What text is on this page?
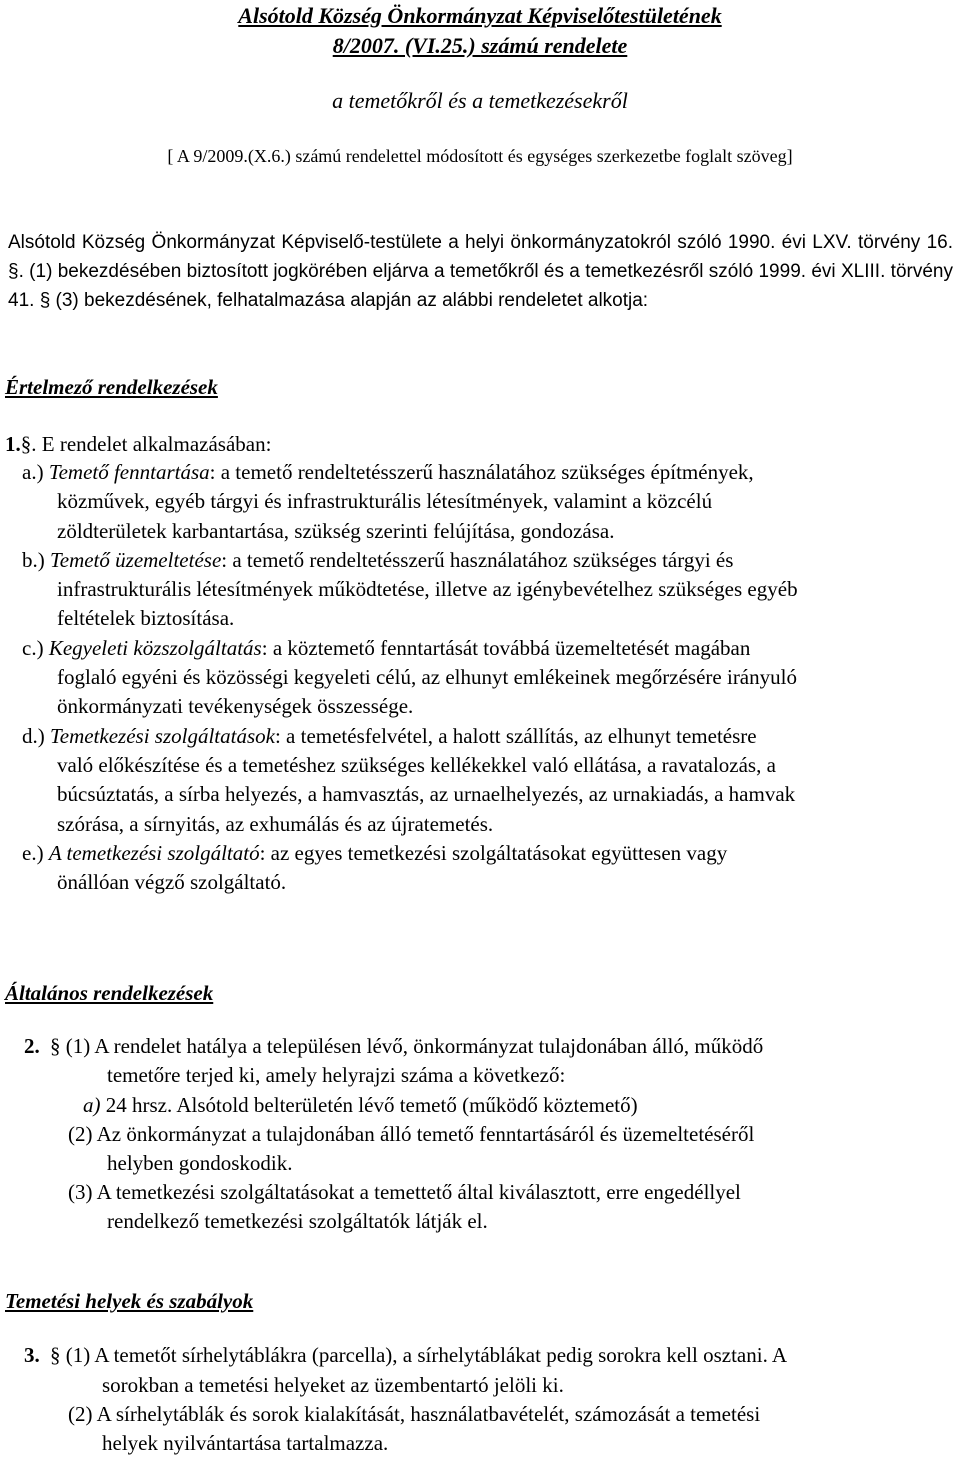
Alsótold Község Önkormányzat Képviselőtestületének
8/2007. (VI.25.) számú rendelete
a temetőkről és a temetkezésekről
[ A 9/2009.(X.6.) számú rendelettel módosított és egységes szerkezetbe foglalt szöveg]
Alsótold Község Önkormányzat Képviselő-testülete a helyi önkormányzatokról szóló 1990. évi LXV. törvény 16. §. (1) bekezdésében biztosított jogkörében eljárva a temetőkről és a temetkezésről szóló 1999. évi XLIII. törvény 41. § (3) bekezdésének, felhatalmazása alapján az alábbi rendeletet alkotja:
Értelmező rendelkezések
1.§. E rendelet alkalmazásában:
a.) Temető fenntartása: a temető rendeltetésszerű használatához szükséges építmények,
közművek, egyéb tárgyi és infrastrukturális létesítmények, valamint a közcélú
zöldterületek karbantartása, szükség szerinti felújítása, gondozása.
b.) Temető üzemeltetése: a temető rendeltetésszerű használatához szükséges tárgyi és
infrastrukturális létesítmények működtetése, illetve az igénybevételhez szükséges egyéb
feltételek biztosítása.
c.) Kegyeleti közszolgáltatás: a köztemető fenntartását továbbá üzemeltetését magában
foglaló egyéni és közösségi kegyeleti célú, az elhunyt emlékeinek megőrzésére irányuló
önkormányzati tevékenységek összessége.
d.) Temetkezési szolgáltatások: a temetésfelvétel, a halott szállítás, az elhunyt temetésre
való előkészítése és a temetéshez szükséges kellékekkel való ellátása, a ravatalozás, a
búcsúztatás, a sírba helyezés, a hamvasztás, az urnaelhelyezés, az urnakiadás, a hamvak
szórása, a sírnyitás, az exhumálás és az újratemetés.
e.) A temetkezési szolgáltató: az egyes temetkezési szolgáltatásokat együttesen vagy
önállóan végző szolgáltató.
Általános rendelkezések
2. § (1) A rendelet hatálya a településen lévő, önkormányzat tulajdonában álló, működő
temetőre terjed ki, amely helyrajzi száma a következő:
a) 24 hrsz. Alsótold belterületén lévő temető (működő köztemető)
(2) Az önkormányzat a tulajdonában álló temető fenntartásáról és üzemeltetéséről
helyben gondoskodik.
(3) A temetkezési szolgáltatásokat a temettető által kiválasztott, erre engedéllyel
rendelkező temetkezési szolgáltatók látják el.
Temetési helyek és szabályok
3. § (1) A temetőt sírhelytáblákra (parcella), a sírhelytáblákat pedig sorokra kell osztani. A
sorokban a temetési helyeket az üzembentartó jelöli ki.
(2) A sírhelytáblák és sorok kialakítását, használatbavételét, számozását a temetési
helyek nyilvántartása tartalmazza.
